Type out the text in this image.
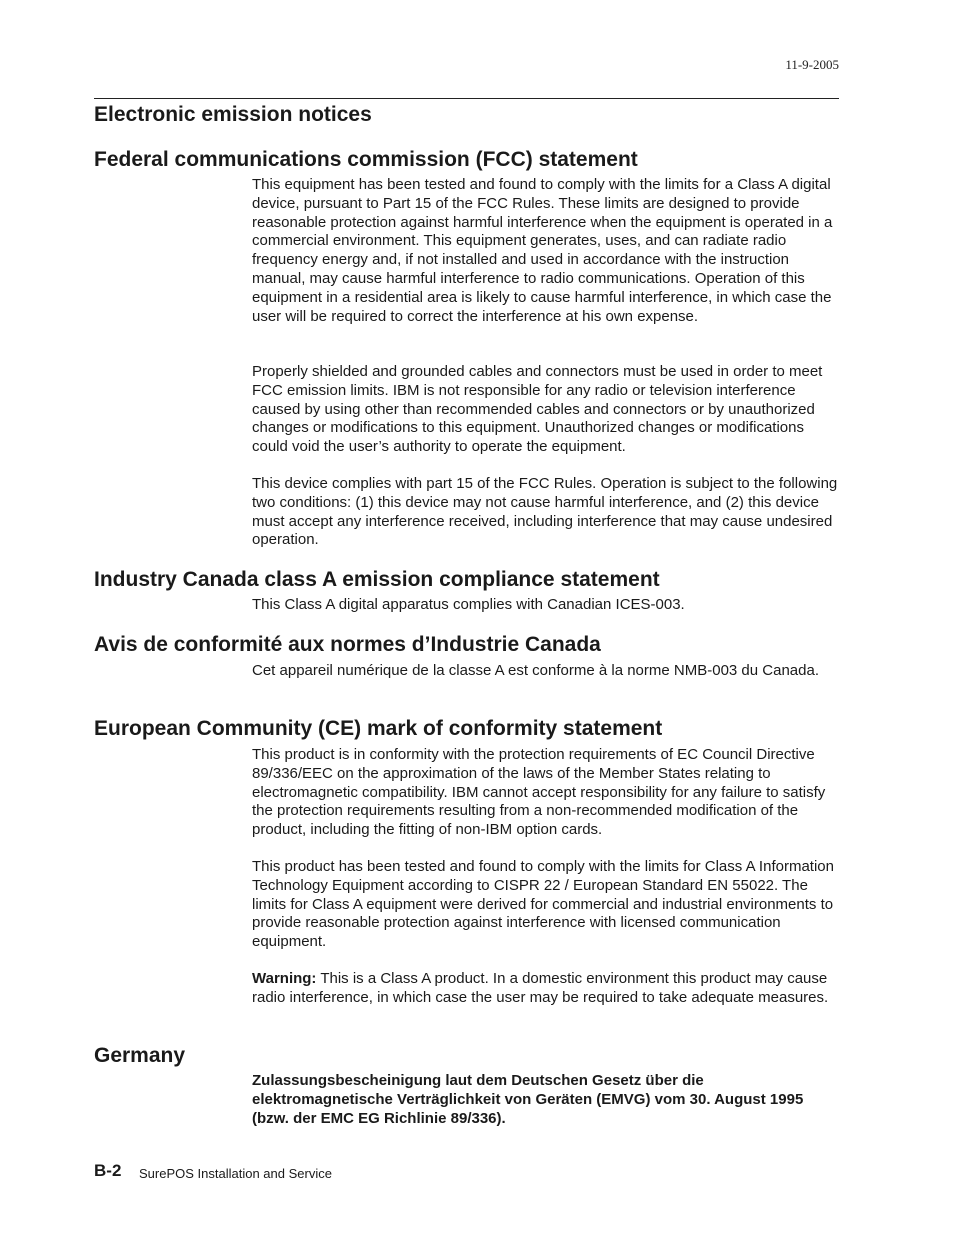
11-9-2005
Electronic emission notices
Federal communications commission (FCC) statement

This equipment has been tested and found to comply with the limits for a Class A digital device, pursuant to Part 15 of the FCC Rules. These limits are designed to provide reasonable protection against harmful interference when the equipment is operated in a commercial environment. This equipment generates, uses, and can radiate radio frequency energy and, if not installed and used in accordance with the instruction manual, may cause harmful interference to radio communications. Operation of this equipment in a residential area is likely to cause harmful interference, in which case the user will be required to correct the interference at his own expense.

Properly shielded and grounded cables and connectors must be used in order to meet FCC emission limits. IBM is not responsible for any radio or television interference caused by using other than recommended cables and connectors or by unauthorized changes or modifications to this equipment. Unauthorized changes or modifications could void the user’s authority to operate the equipment.

This device complies with part 15 of the FCC Rules. Operation is subject to the following two conditions: (1) this device may not cause harmful interference, and (2) this device must accept any interference received, including interference that may cause undesired operation.

Industry Canada class A emission compliance statement

This Class A digital apparatus complies with Canadian ICES-003.

Avis de conformité aux normes d’Industrie Canada

Cet appareil numérique de la classe A est conforme à la norme NMB-003 du Canada.

European Community (CE) mark of conformity statement

This product is in conformity with the protection requirements of EC Council Directive 89/336/EEC on the approximation of the laws of the Member States relating to electromagnetic compatibility. IBM cannot accept responsibility for any failure to satisfy the protection requirements resulting from a non-recommended modification of the product, including the fitting of non-IBM option cards.

This product has been tested and found to comply with the limits for Class A Information Technology Equipment according to CISPR 22 / European Standard EN 55022. The limits for Class A equipment were derived for commercial and industrial environments to provide reasonable protection against interference with licensed communication equipment.

Warning: This is a Class A product. In a domestic environment this product may cause radio interference, in which case the user may be required to take adequate measures.

Germany

Zulassungsbescheinigung laut dem Deutschen Gesetz über die elektromagnetische Verträglichkeit von Geräten (EMVG) vom 30. August 1995 (bzw. der EMC EG Richlinie 89/336).

B-2 SurePOS Installation and Service
